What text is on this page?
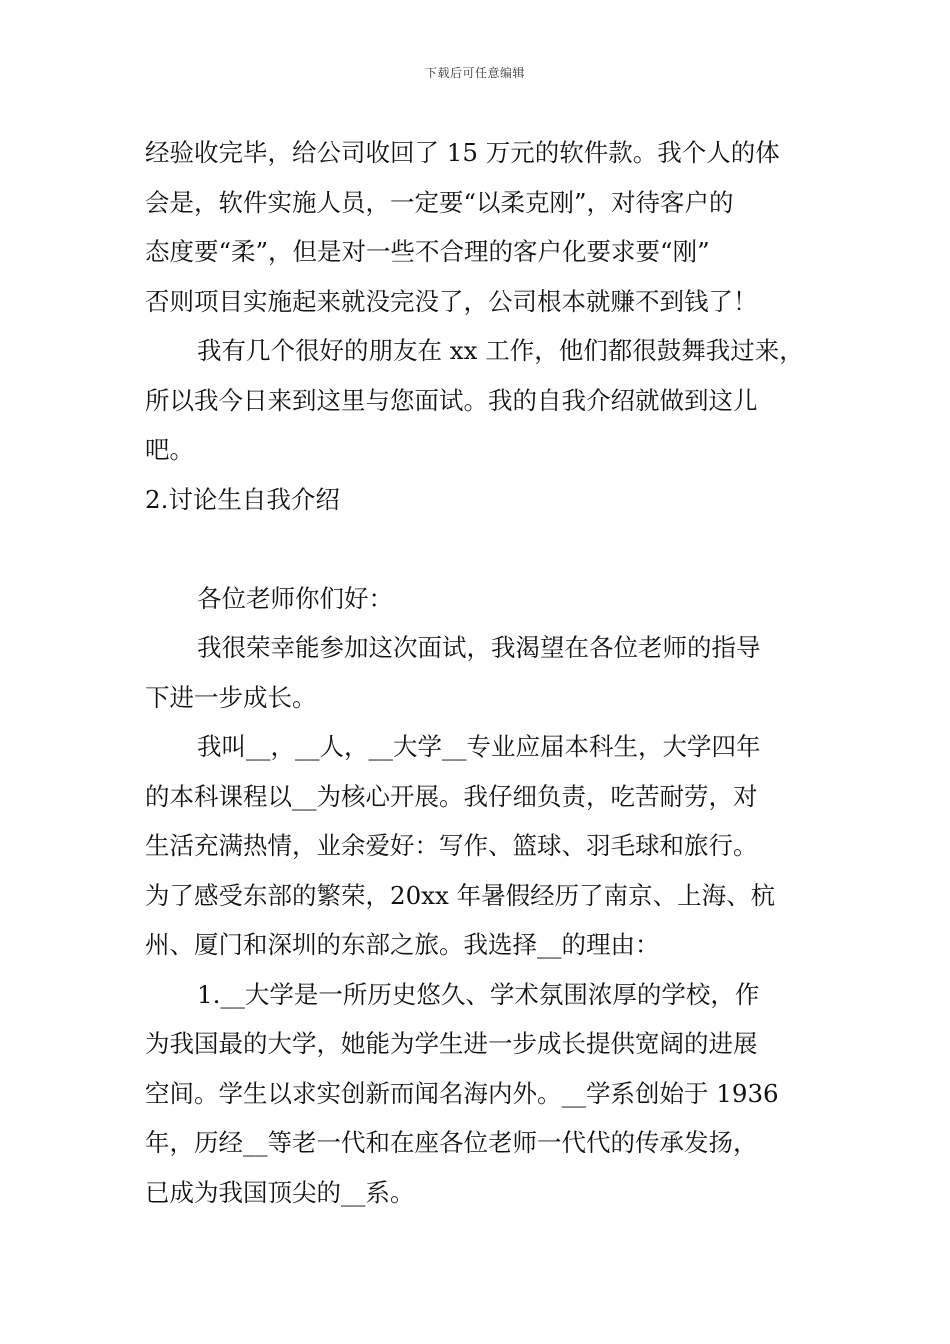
下载后可任意编辑
经验收完毕，给公司收回了 15 万元的软件款。我个人的体
会是，软件实施人员，一定要“以柔克刚”，对待客户的
态度要“柔”，但是对一些不合理的客户化要求要“刚”
否则项目实施起来就没完没了，公司根本就赚不到钱了！
我有几个很好的朋友在 xx 工作，他们都很鼓舞我过来，
所以我今日来到这里与您面试。我的自我介绍就做到这儿
吧。
2.讨论生自我介绍
各位老师你们好：
我很荣幸能参加这次面试，我渴望在各位老师的指导
下进一步成长。
我叫__，__人，__大学__专业应届本科生，大学四年
的本科课程以__为核心开展。我仔细负责，吃苦耐劳，对
生活充满热情，业余爱好：写作、篮球、羽毛球和旅行。
为了感受东部的繁荣，20xx 年暑假经历了南京、上海、杭
州、厦门和深圳的东部之旅。我选择__的理由：
1.__大学是一所历史悠久、学术氛围浓厚的学校，作
为我国最的大学，她能为学生进一步成长提供宽阔的进展
空间。学生以求实创新而闻名海内外。__学系创始于 1936
年，历经__等老一代和在座各位老师一代代的传承发扬，
已成为我国顶尖的__系。
